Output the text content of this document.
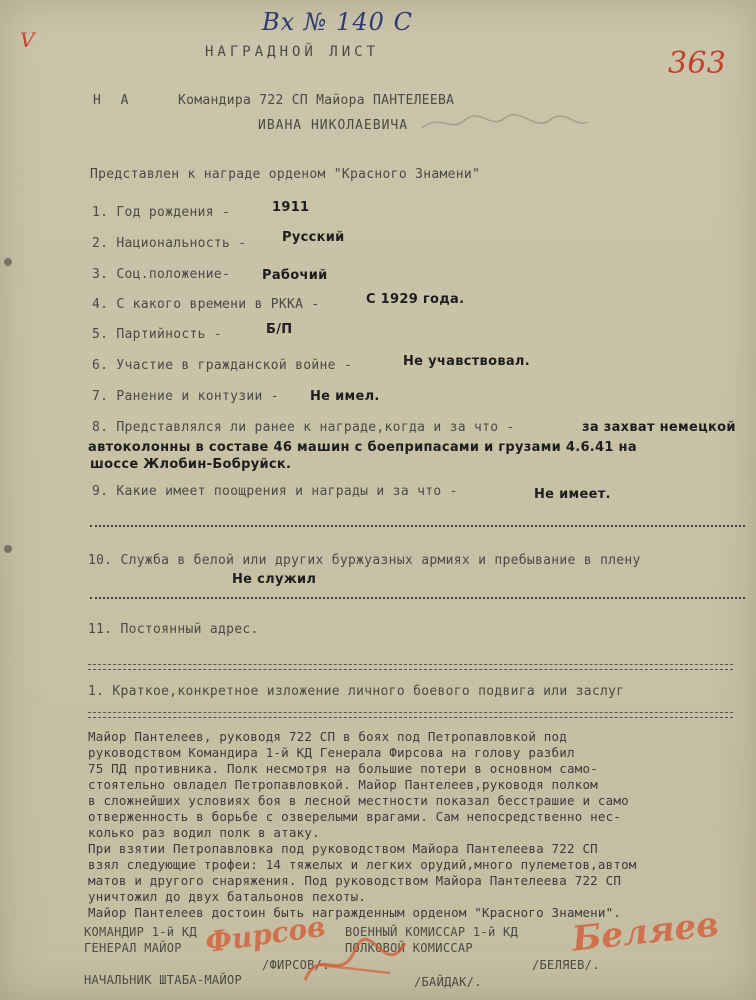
Вх № 140 С
V
363
НАГРАДНОЙ ЛИСТ
Н А	Командира 722 СП Майора ПАНТЕЛЕЕВА
ИВАНА НИКОЛАЕВИЧА
Представлен к награде орденом "Красного Знамени"
1. Год рождения -	1911
2. Национальность -	Русский
3. Соц.положение- Рабочий
4. С какого времени в РККА -	С 1929 года.
5. Партийность -	Б/П
6. Участие в гражданской войне -	Не учавствовал.
7. Ранение и контузии - Не имел.
8. Представлялся ли ранее к награде,когда и за что -	за захват немецкой
автоколонны в составе 46 машин с боеприпасами и грузами 4.6.41 на
шоссе Жлобин-Бобруйск.
9. Какие имеет поощрения и награды и за что -	Не имеет.
10. Служба в белой или других буржуазных армиях и пребывание в плену
Не служил
11. Постоянный адрес.
1. Краткое,конкретное изложение личного боевого подвига или заслуг
Майор Пантелеев, руководя 722 СП в боях под Петропавловкой под
руководством Командира 1-й КД Генерала Фирсова на голову разбил
75 ПД противника. Полк несмотря на большие потери в основном само-
стоятельно овладел Петропавловкой. Майор Пантелеев,руководя полком
в сложнейших условиях боя в лесной местности показал бесстрашие и само
отверженность в борьбе с озверелыми врагами. Сам непосредственно нес-
колько раз водил полк в атаку.
При взятии Петропавловка под руководством Майора Пантелеева 722 СП
взял следующие трофеи: 14 тяжелых и легких орудий,много пулеметов,автом
матов и другого снаряжения. Под руководством Майора Пантелеева 722 СП
уничтожил до двух батальонов пехоты.
Майор Пантелеев достоин быть награжденным орденом "Красного Знамени".
КОМАНДИР 1-й КД
ГЕНЕРАЛ МАЙОР
/ФИРСОВ/.
ВОЕННЫЙ КОМИССАР 1-й КД
ПОЛКОВОЙ КОМИССАР
/БЕЛЯЕВ/.
НАЧАЛЬНИК ШТАБА-МАЙОР	/БАЙДАК/.
Фирсов	Беляев
